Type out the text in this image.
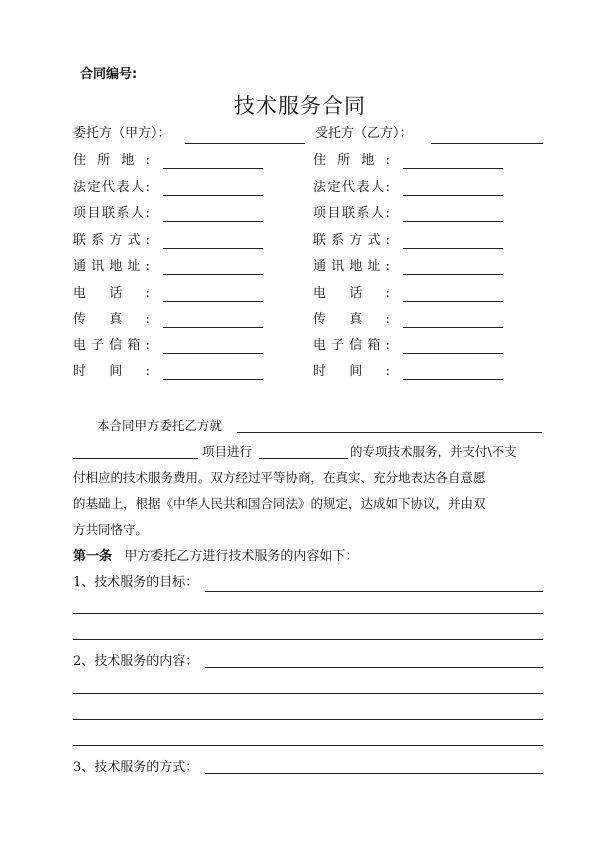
合同编号:
技术服务合同
委托方（甲方）：	受托方（乙方）：
住 所 地 :
法 定 代 表 人 :
项 目 联 系 人 :
联 系 方 式 :
通 讯 地 址 :
电 话 :
传 真 :
电 子 信 箱 :
时 间 :
住 所 地 :
法 定 代 表 人 :
项 目 联 系 人 :
联 系 方 式 :
通 讯 地 址 :
电 话 :
传 真 :
电 子 信 箱 :
时 间 :
本合同甲方委托乙方就
项目进行	的专项技术服务，并支付\不支
付相应的技术服务费用。双方经过平等协商，在真实、充分地表达各自意愿
的基础上，根据《中华人民共和国合同法》的规定，达成如下协议，并由双
方共同恪守。
第一条 甲方委托乙方进行技术服务的内容如下：
1、技术服务的目标：
2、技术服务的内容：
3、技术服务的方式：
